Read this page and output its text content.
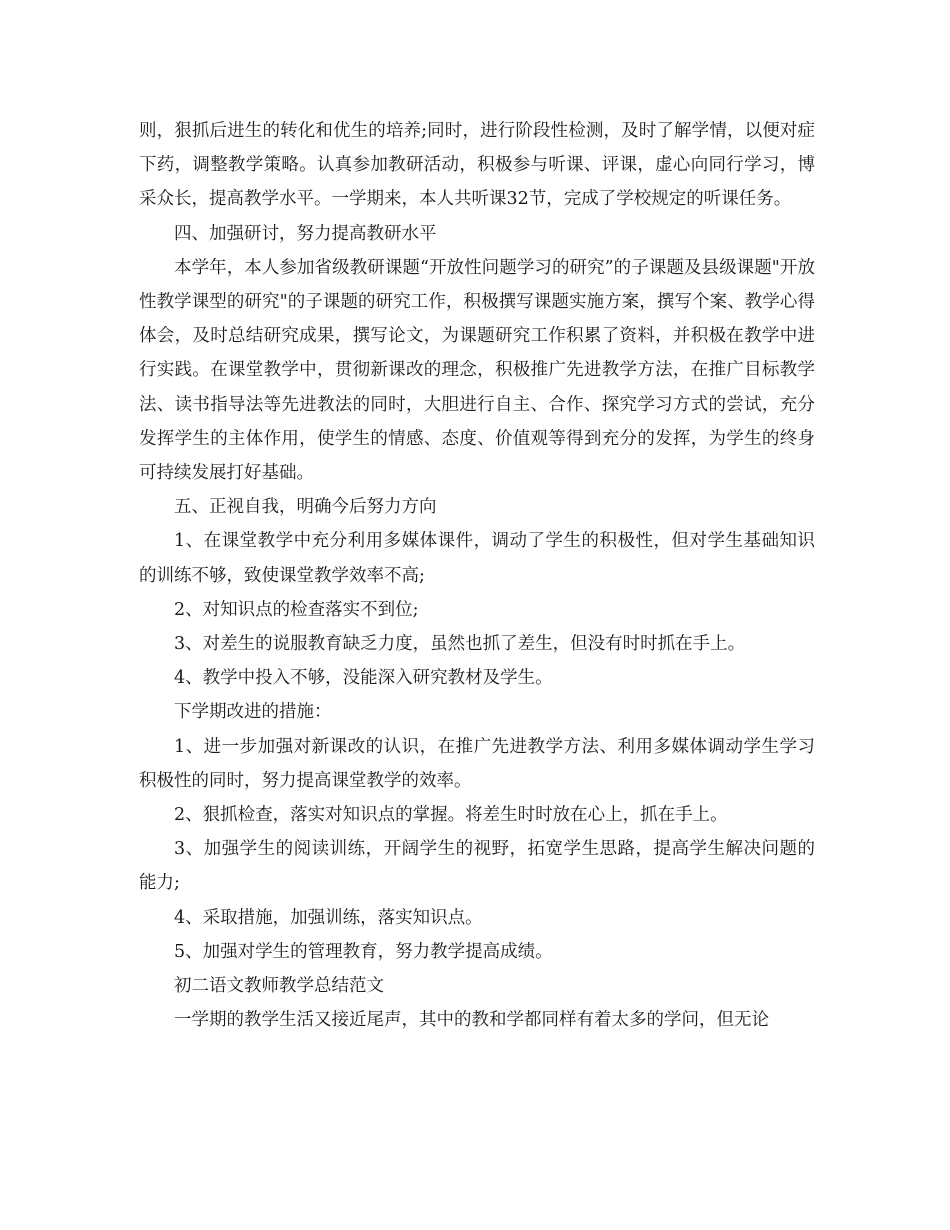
则，狠抓后进生的转化和优生的培养;同时，进行阶段性检测，及时了解学情，以便对症下药，调整教学策略。认真参加教研活动，积极参与听课、评课，虚心向同行学习，博采众长，提高教学水平。一学期来，本人共听课32节，完成了学校规定的听课任务。

四、加强研讨，努力提高教研水平

本学年，本人参加省级教研课题“开放性问题学习的研究”的子课题及县级课题"开放性教学课型的研究"的子课题的研究工作，积极撰写课题实施方案，撰写个案、教学心得体会，及时总结研究成果，撰写论文，为课题研究工作积累了资料，并积极在教学中进行实践。在课堂教学中，贯彻新课改的理念，积极推广先进教学方法，在推广目标教学法、读书指导法等先进教法的同时，大胆进行自主、合作、探究学习方式的尝试，充分发挥学生的主体作用，使学生的情感、态度、价值观等得到充分的发挥，为学生的终身可持续发展打好基础。

五、正视自我，明确今后努力方向

1、在课堂教学中充分利用多媒体课件，调动了学生的积极性，但对学生基础知识的训练不够，致使课堂教学效率不高;

2、对知识点的检查落实不到位;

3、对差生的说服教育缺乏力度，虽然也抓了差生，但没有时时抓在手上。

4、教学中投入不够，没能深入研究教材及学生。

下学期改进的措施：

1、进一步加强对新课改的认识，在推广先进教学方法、利用多媒体调动学生学习积极性的同时，努力提高课堂教学的效率。

2、狠抓检查，落实对知识点的掌握。将差生时时放在心上，抓在手上。

3、加强学生的阅读训练，开阔学生的视野，拓宽学生思路，提高学生解决问题的能力;

4、采取措施，加强训练，落实知识点。

5、加强对学生的管理教育，努力教学提高成绩。

初二语文教师教学总结范文

一学期的教学生活又接近尾声，其中的教和学都同样有着太多的学问，但无论
